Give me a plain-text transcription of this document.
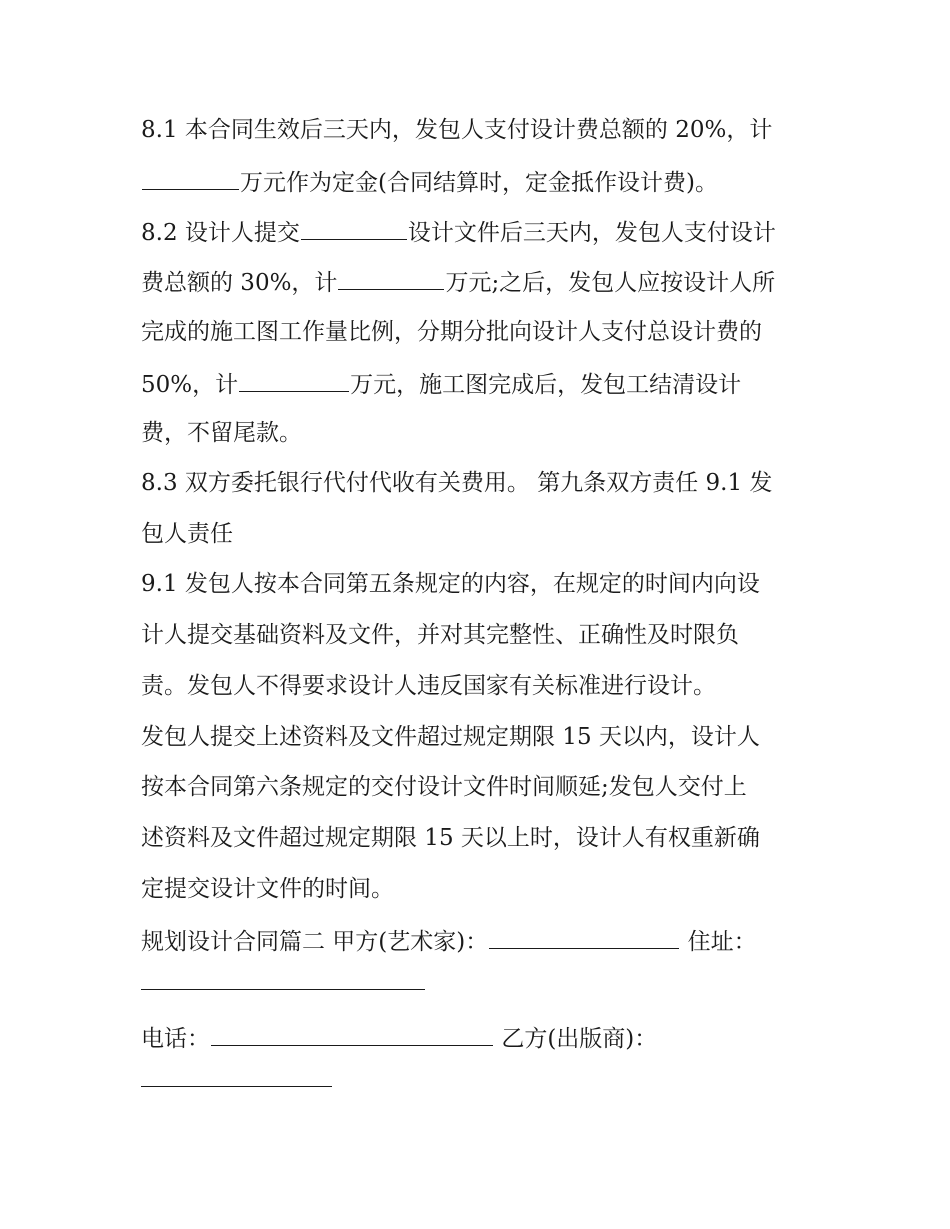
8.1 本合同生效后三天内，发包人支付设计费总额的 20%，计
万元作为定金(合同结算时，定金抵作设计费)。
8.2 设计人提交	设计文件后三天内，发包人支付设计
费总额的 30%，计	万元;之后，发包人应按设计人所
完成的施工图工作量比例，分期分批向设计人支付总设计费的
50%，计	万元，施工图完成后，发包工结清设计
费，不留尾款。
8.3 双方委托银行代付代收有关费用。 第九条双方责任 9.1 发
包人责任
9.1 发包人按本合同第五条规定的内容，在规定的时间内向设
计人提交基础资料及文件，并对其完整性、正确性及时限负
责。发包人不得要求设计人违反国家有关标准进行设计。
发包人提交上述资料及文件超过规定期限 15 天以内，设计人
按本合同第六条规定的交付设计文件时间顺延;发包人交付上
述资料及文件超过规定期限 15 天以上时，设计人有权重新确
定提交设计文件的时间。
规划设计合同篇二 甲方(艺术家)：	住址：
电话：	乙方(出版商)：
